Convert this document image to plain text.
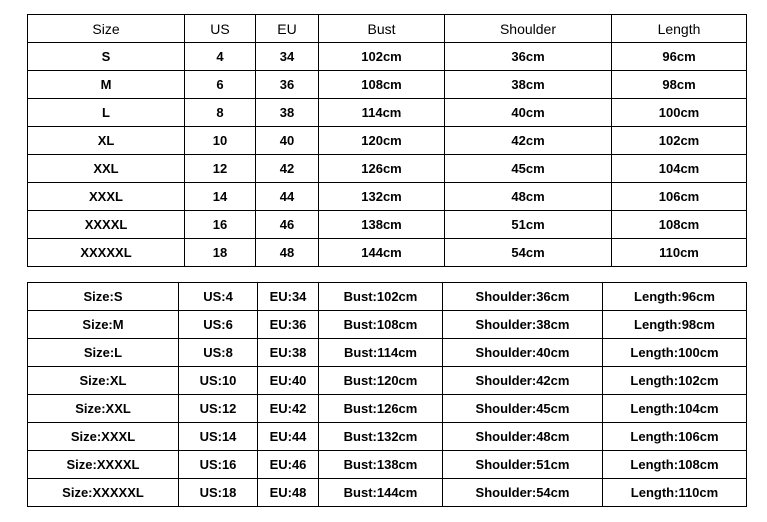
Size	US	EU	Bust	Shoulder	Length
S	4	34	102cm	36cm	96cm
M	6	36	108cm	38cm	98cm
L	8	38	114cm	40cm	100cm
XL	10	40	120cm	42cm	102cm
XXL	12	42	126cm	45cm	104cm
XXXL	14	44	132cm	48cm	106cm
XXXXL	16	46	138cm	51cm	108cm
XXXXXL	18	48	144cm	54cm	110cm
Size:S	US:4	EU:34	Bust:102cm	Shoulder:36cm	Length:96cm
Size:M	US:6	EU:36	Bust:108cm	Shoulder:38cm	Length:98cm
Size:L	US:8	EU:38	Bust:114cm	Shoulder:40cm	Length:100cm
Size:XL	US:10	EU:40	Bust:120cm	Shoulder:42cm	Length:102cm
Size:XXL	US:12	EU:42	Bust:126cm	Shoulder:45cm	Length:104cm
Size:XXXL	US:14	EU:44	Bust:132cm	Shoulder:48cm	Length:106cm
Size:XXXXL	US:16	EU:46	Bust:138cm	Shoulder:51cm	Length:108cm
Size:XXXXXL	US:18	EU:48	Bust:144cm	Shoulder:54cm	Length:110cm
